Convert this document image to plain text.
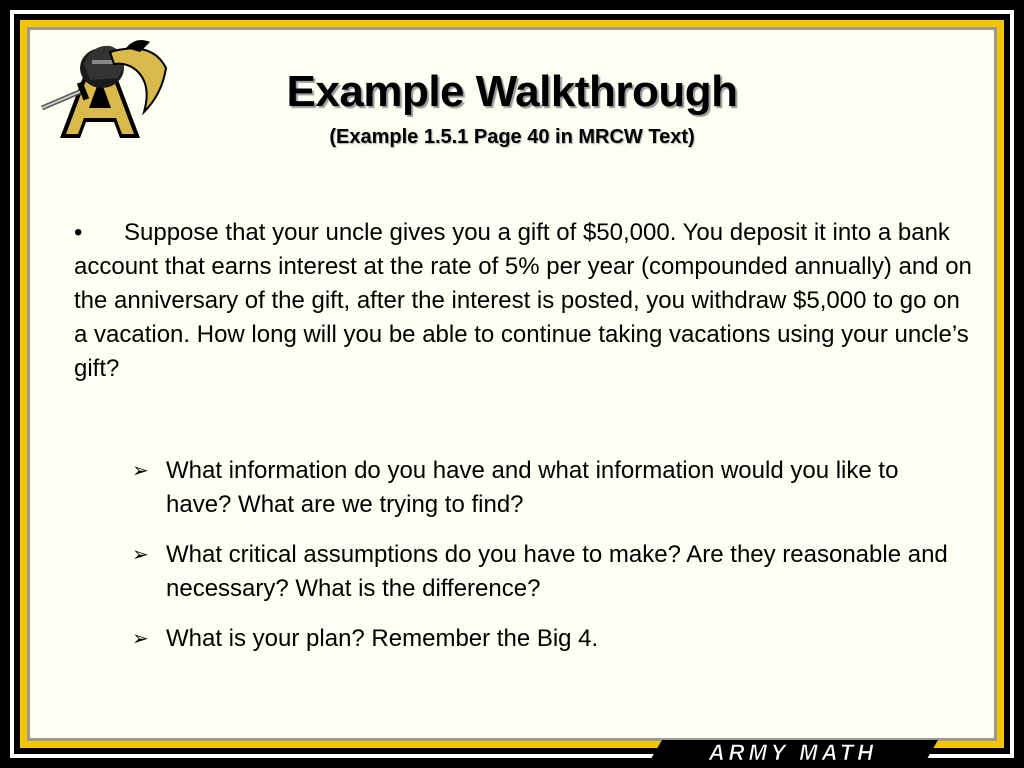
Example Walkthrough
(Example 1.5.1 Page 40 in MRCW Text)

• Suppose that your uncle gives you a gift of $50,000. You deposit it into a bank account that earns interest at the rate of 5% per year (compounded annually) and on the anniversary of the gift, after the interest is posted, you withdraw $5,000 to go on a vacation. How long will you be able to continue taking vacations using your uncle’s gift?

➢ What information do you have and what information would you like to have? What are we trying to find?
➢ What critical assumptions do you have to make? Are they reasonable and necessary? What is the difference?
➢ What is your plan? Remember the Big 4.
ARMY MATH
